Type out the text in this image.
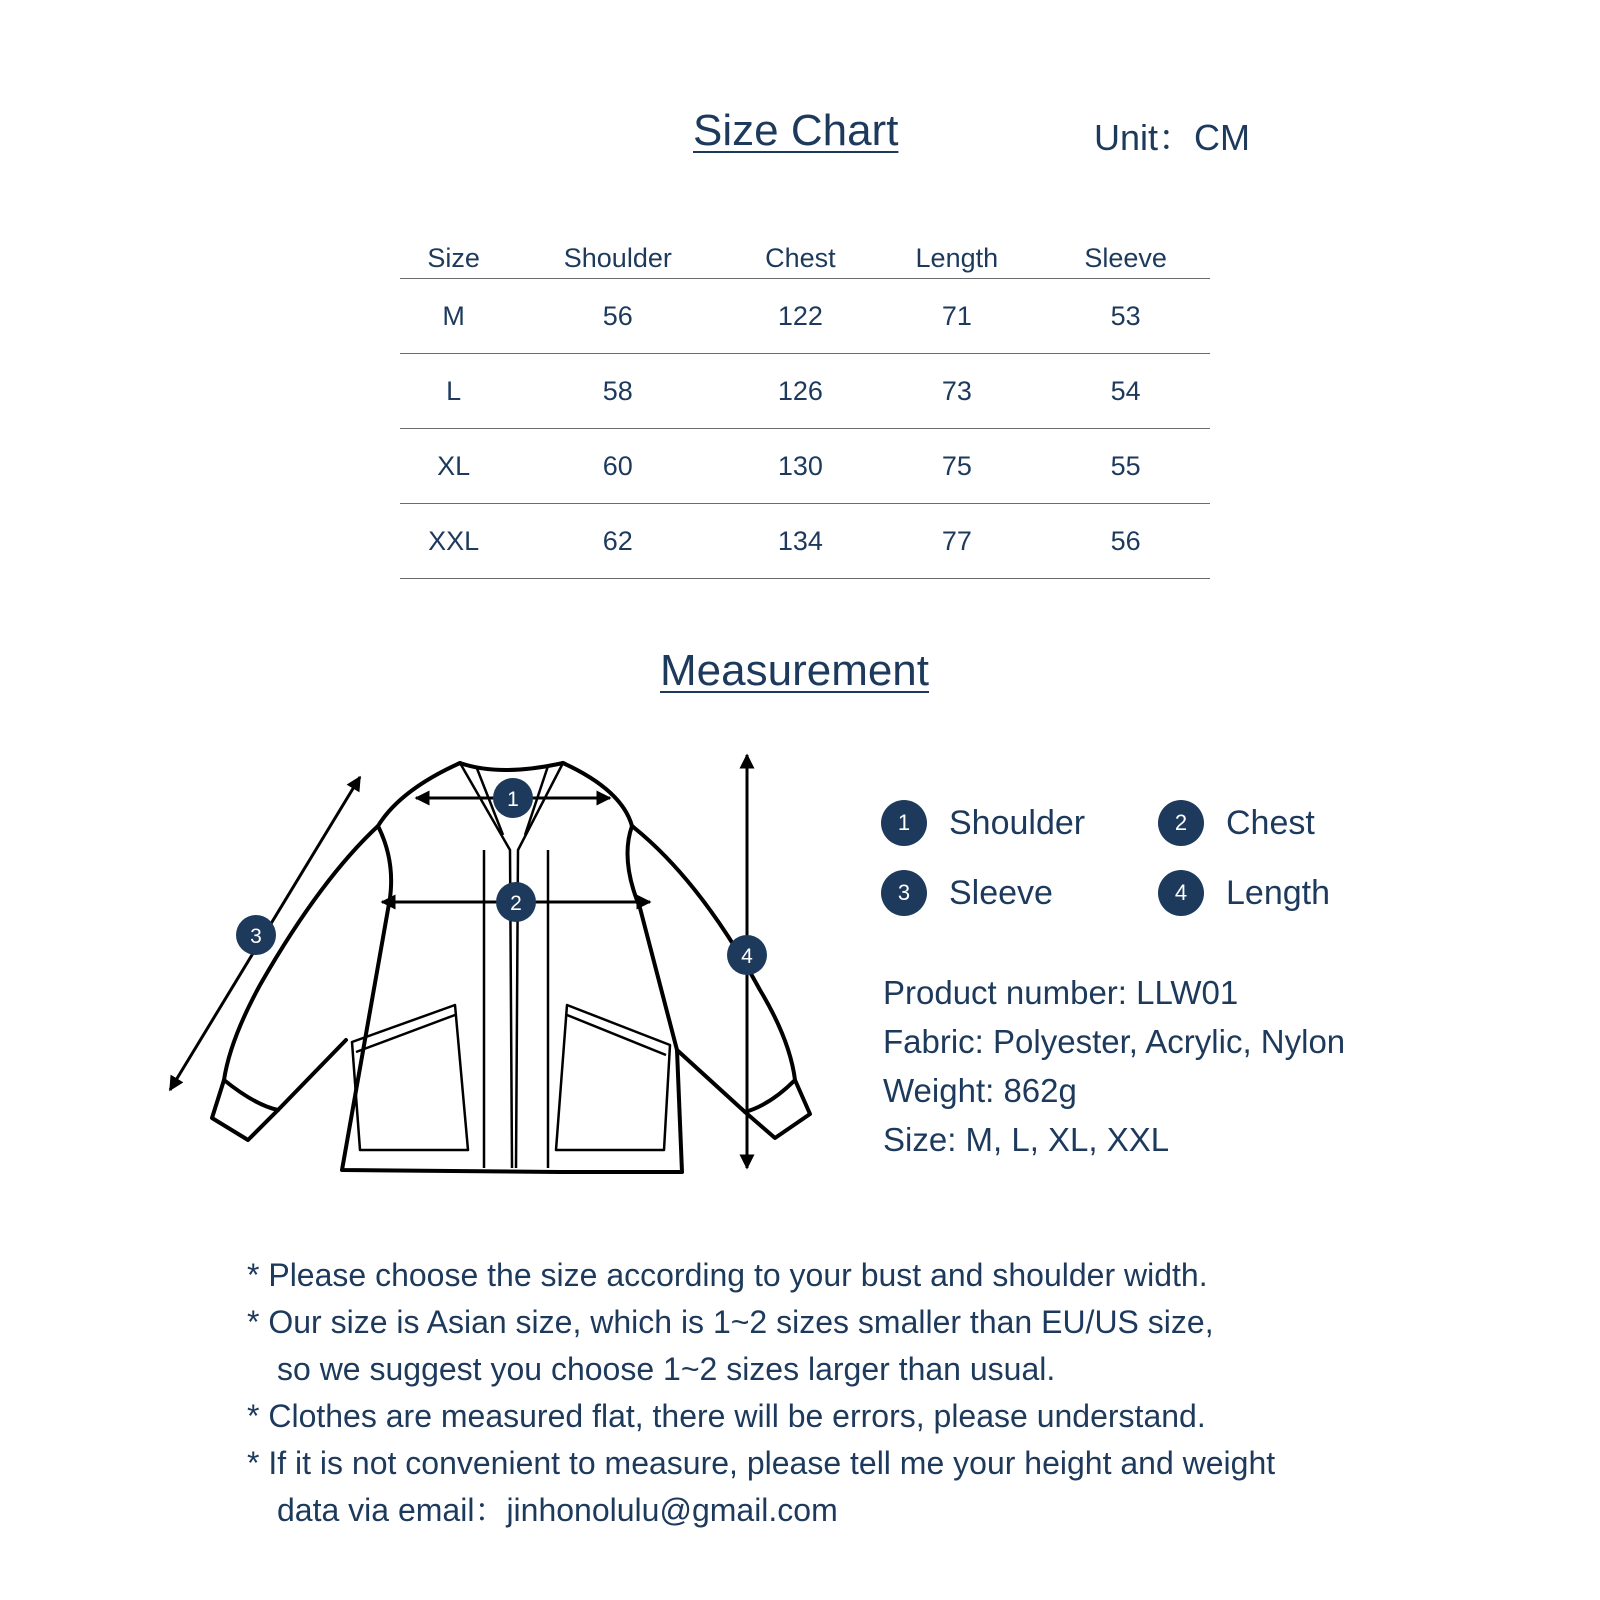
Size Chart	Unit：CM
Size	Shoulder	Chest	Length	Sleeve
M	56	122	71	53
L	58	126	73	54
XL	60	130	75	55
XXL	62	134	77	56
Measurement
1
2
3
4
1	Shoulder	2	Chest
3	Sleeve	4	Length
Product number: LLW01
Fabric: Polyester, Acrylic, Nylon
Weight: 862g
Size: M, L, XL, XXL
* Please choose the size according to your bust and shoulder width.
* Our size is Asian size, which is 1~2 sizes smaller than EU/US size,
so we suggest you choose 1~2 sizes larger than usual.
* Clothes are measured flat, there will be errors, please understand.
* If it is not convenient to measure, please tell me your height and weight
data via email：jinhonolulu@gmail.com
